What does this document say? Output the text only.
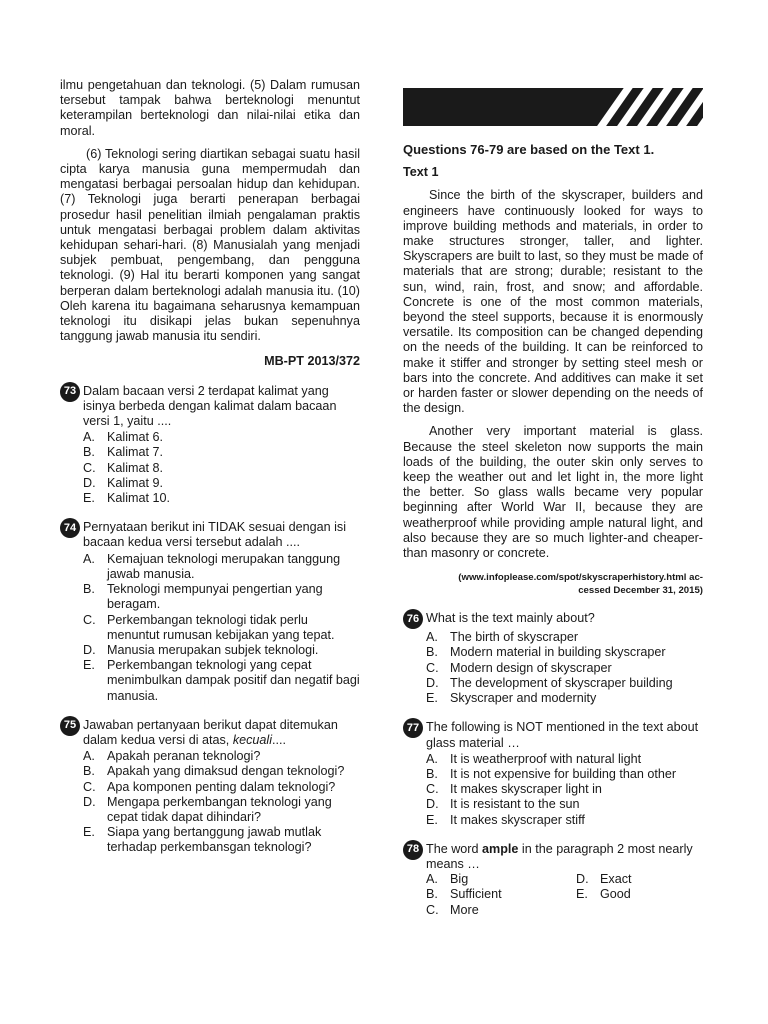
ilmu pengetahuan dan teknologi. (5) Dalam rumusan tersebut tampak bahwa berteknologi menuntut keterampilan berteknologi dan nilai-nilai etika dan moral.

(6) Teknologi sering diartikan sebagai suatu hasil cipta karya manusia guna mempermudah dan mengatasi berbagai persoalan hidup dan kehidupan. (7) Teknologi juga berarti penerapan berbagai prosedur hasil penelitian ilmiah pengalaman praktis untuk mengatasi berbagai problem dalam aktivitas kehidupan sehari-hari. (8) Manusialah yang menjadi subjek pembuat, pengembang, dan pengguna teknologi. (9) Hal itu berarti komponen yang sangat berperan dalam berteknologi adalah manusia itu. (10) Oleh karena itu bagaimana seharusnya kemampuan teknologi itu disikapi jelas bukan sepenuhnya tanggung jawab manusia itu sendiri.

MB-PT 2013/372

73 Dalam bacaan versi 2 terdapat kalimat yang isinya berbeda dengan kalimat dalam bacaan versi 1, yaitu ....
A. Kalimat 6.
B. Kalimat 7.
C. Kalimat 8.
D. Kalimat 9.
E. Kalimat 10.
74 Pernyataan berikut ini TIDAK sesuai dengan isi bacaan kedua versi tersebut adalah ....
A. Kemajuan teknologi merupakan tanggung jawab manusia.
B. Teknologi mempunyai pengertian yang beragam.
C. Perkembangan teknologi tidak perlu menuntut rumusan kebijakan yang tepat.
D. Manusia merupakan subjek teknologi.
E. Perkembangan teknologi yang cepat menimbulkan dampak positif dan negatif bagi manusia.
75 Jawaban pertanyaan berikut dapat ditemukan dalam kedua versi di atas, kecuali....
A. Apakah peranan teknologi?
B. Apakah yang dimaksud dengan teknologi?
C. Apa komponen penting dalam teknologi?
D. Mengapa perkembangan teknologi yang cepat tidak dapat dihindari?
E. Siapa yang bertanggung jawab mutlak terhadap perkembansgan teknologi?

Questions 76-79 are based on the Text 1.

Text 1

Since the birth of the skyscraper, builders and engineers have continuously looked for ways to improve building methods and materials, in order to make structures stronger, taller, and lighter. Skyscrapers are built to last, so they must be made of materials that are strong; durable; resistant to the sun, wind, rain, frost, and snow; and affordable. Concrete is one of the most common materials, beyond the steel supports, because it is enormously versatile. Its composition can be changed depending on the needs of the building. It can be reinforced to make it stiffer and stronger by setting steel mesh or bars into the concrete. And additives can make it set or harden faster or slower depending on the needs of the design.

Another very important material is glass. Because the steel skeleton now supports the main loads of the building, the outer skin only serves to keep the weather out and let light in, the more light the better. So glass walls became very popular beginning after World War II, because they are weatherproof while providing ample natural light, and also because they are so much lighter-and cheaper-than masonry or concrete.

(www.infoplease.com/spot/skyscraperhistory.html ac-
cessed December 31, 2015)
76 What is the text mainly about?
A. The birth of skyscraper
B. Modern material in building skyscraper
C. Modern design of skyscraper
D. The development of skyscraper building
E. Skyscraper and modernity
77 The following is NOT mentioned in the text about glass material …
A. It is weatherproof with natural light
B. It is not expensive for building than other
C. It makes skyscraper light in
D. It is resistant to the sun
E. It makes skyscraper stiff
78 The word ample in the paragraph 2 most nearly means …
A. Big	D. Exact
B. Sufficient	E. Good
C. More
